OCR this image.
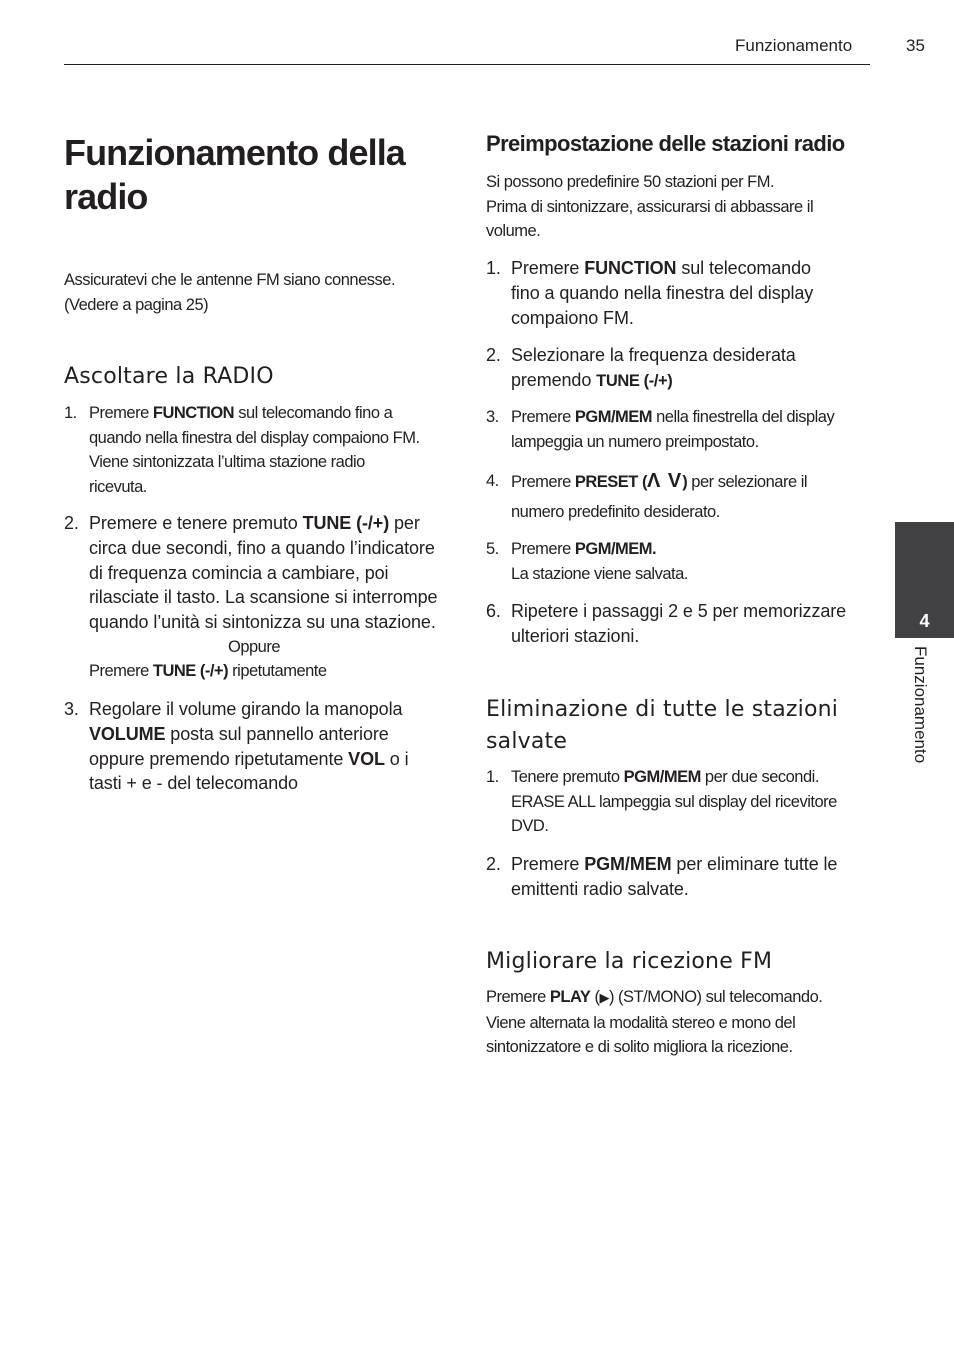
Funzionamento	35
4
Funzionamento
Funzionamento della
radio
Assicuratevi che le antenne FM siano connesse.
(Vedere a pagina 25)
Ascoltare la RADIO
1. Premere FUNCTION sul telecomando fino a
quando nella finestra del display compaiono FM.
Viene sintonizzata l’ultima stazione radio
ricevuta.
2. Premere e tenere premuto TUNE (-/+) per
circa due secondi, fino a quando l’indicatore
di frequenza comincia a cambiare, poi
rilasciate il tasto. La scansione si interrompe
quando l’unità si sintonizza su una stazione.
Oppure
Premere TUNE (-/+) ripetutamente
3. Regolare il volume girando la manopola
VOLUME posta sul pannello anteriore
oppure premendo ripetutamente VOL o i
tasti + e - del telecomando
Preimpostazione delle stazioni radio
Si possono predefinire 50 stazioni per FM.
Prima di sintonizzare, assicurarsi di abbassare il
volume.
1. Premere FUNCTION sul telecomando
fino a quando nella finestra del display
compaiono FM.
2. Selezionare la frequenza desiderata
premendo TUNE (-/+)
3. Premere PGM/MEM nella finestrella del display
lampeggia un numero preimpostato.
4. Premere PRESET (Λ V) per selezionare il
numero predefinito desiderato.
5. Premere PGM/MEM.
La stazione viene salvata.
6. Ripetere i passaggi 2 e 5 per memorizzare
ulteriori stazioni.
Eliminazione di tutte le stazioni
salvate
1. Tenere premuto PGM/MEM per due secondi.
ERASE ALL lampeggia sul display del ricevitore
DVD.
2. Premere PGM/MEM per eliminare tutte le
emittenti radio salvate.
Migliorare la ricezione FM
Premere PLAY (▶) (ST/MONO) sul telecomando.
Viene alternata la modalità stereo e mono del
sintonizzatore e di solito migliora la ricezione.
